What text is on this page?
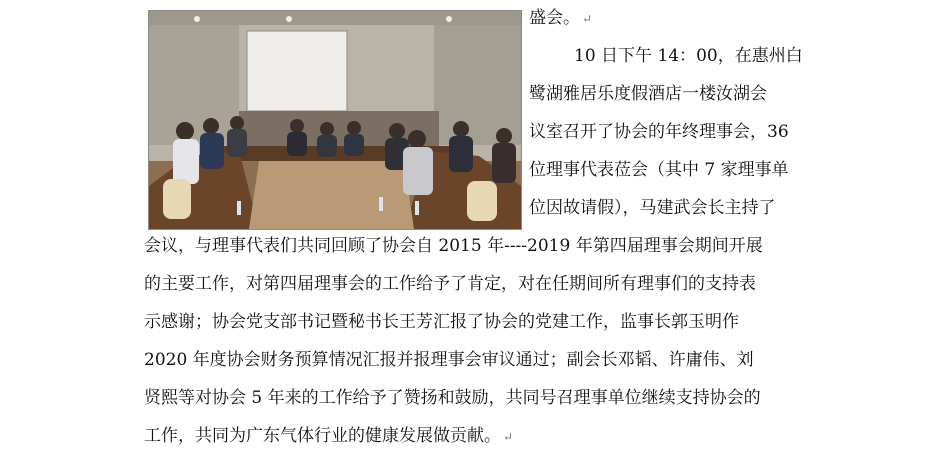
盛会。 ↵
10 日下午 14：00，在惠州白
鹭湖雅居乐度假酒店一楼汝湖会
议室召开了协会的年终理事会，36
位理事代表莅会（其中 7 家理事单
位因故请假），马建武会长主持了
会议，与理事代表们共同回顾了协会自 2015 年----2019 年第四届理事会期间开展
的主要工作，对第四届理事会的工作给予了肯定，对在任期间所有理事们的支持表
示感谢；协会党支部书记暨秘书长王芳汇报了协会的党建工作，监事长郭玉明作
2020 年度协会财务预算情况汇报并报理事会审议通过；副会长邓韬、许庸伟、刘
贤熙等对协会 5 年来的工作给予了赞扬和鼓励，共同号召理事单位继续支持协会的
工作，共同为广东气体行业的健康发展做贡献。 ↵
